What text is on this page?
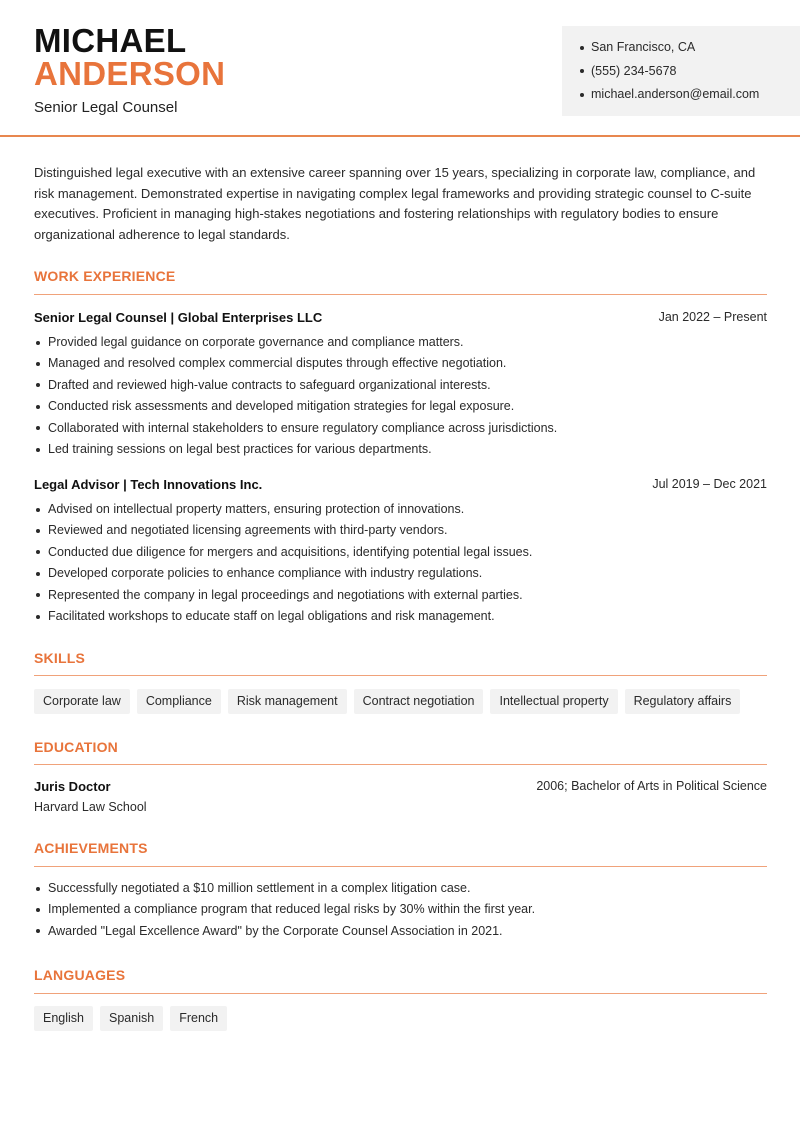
MICHAEL
ANDERSON
Senior Legal Counsel
San Francisco, CA
(555) 234-5678
michael.anderson@email.com

Distinguished legal executive with an extensive career spanning over 15 years, specializing in corporate law, compliance, and risk management. Demonstrated expertise in navigating complex legal frameworks and providing strategic counsel to C-suite executives. Proficient in managing high-stakes negotiations and fostering relationships with regulatory bodies to ensure organizational adherence to legal standards.

WORK EXPERIENCE
Senior Legal Counsel | Global Enterprises LLC	Jan 2022 – Present
Provided legal guidance on corporate governance and compliance matters.
Managed and resolved complex commercial disputes through effective negotiation.
Drafted and reviewed high-value contracts to safeguard organizational interests.
Conducted risk assessments and developed mitigation strategies for legal exposure.
Collaborated with internal stakeholders to ensure regulatory compliance across jurisdictions.
Led training sessions on legal best practices for various departments.
Legal Advisor | Tech Innovations Inc.	Jul 2019 – Dec 2021
Advised on intellectual property matters, ensuring protection of innovations.
Reviewed and negotiated licensing agreements with third-party vendors.
Conducted due diligence for mergers and acquisitions, identifying potential legal issues.
Developed corporate policies to enhance compliance with industry regulations.
Represented the company in legal proceedings and negotiations with external parties.
Facilitated workshops to educate staff on legal obligations and risk management.
SKILLS
Corporate law	Compliance	Risk management	Contract negotiation	Intellectual property	Regulatory affairs
EDUCATION
Juris Doctor	2006; Bachelor of Arts in Political Science
Harvard Law School
ACHIEVEMENTS
Successfully negotiated a $10 million settlement in a complex litigation case.
Implemented a compliance program that reduced legal risks by 30% within the first year.
Awarded "Legal Excellence Award" by the Corporate Counsel Association in 2021.
LANGUAGES
English	Spanish	French
